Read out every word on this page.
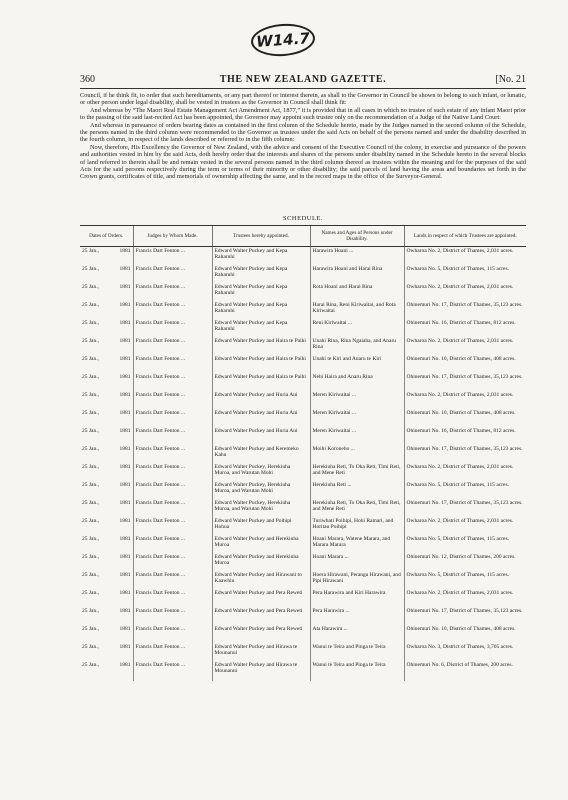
W14.7
360	THE NEW ZEALAND GAZETTE.	[No. 21

Council, if he think fit, to order that such hereditaments, or any part thereof or interest therein, as shall to the Governor in Council be shown to belong to such infant, or lunatic, or other person under legal disability, shall be vested in trustees as the Governor in Council shall think fit:

And whereas by “The Maori Real Estate Management Act Amendment Act, 1877,” it is provided that in all cases in which no trustee of such estate of any infant Maori prior to the passing of the said last-recited Act has been appointed, the Governor may appoint such trustee only on the recommendation of a Judge of the Native Land Court:

And whereas in pursuance of orders bearing dates as contained in the first column of the Schedule hereto, made by the Judges named in the second column of the Schedule, the persons named in the third column were recommended to the Governor as trustees under the said Acts on behalf of the persons named and under the disability described in the fourth column, in respect of the lands described or referred to in the fifth column:

Now, therefore, His Excellency the Governor of New Zealand, with the advice and consent of the Executive Council of the colony, in exercise and pursuance of the powers and authorities vested in him by the said Acts, doth hereby order that the interests and shares of the persons under disability named in the Schedule hereto in the several blocks of land referred to therein shall be and remain vested in the several persons named in the third column thereof as trustees within the meaning and for the purposes of the said Acts for the said persons respectively during the term or terms of their minority or other disability; the said parcels of land having the areas and boundaries set forth in the Crown grants, certificates of title, and memorials of ownership affecting the same, and in the record maps in the office of the Surveyor-General.

SCHEDULE.
Dates of Orders.	Judges by Whom Made.	Trustees hereby appointed.	Names and Ages of Persons under Disability.	Lands in respect of which Trustees are appointed.

25 Jan., 1881	Francis Dart Fenton ...	Edward Walter Puckey and Kepa Raharuhi	Harawira Hoani ...	Owharoa No. 2, District of Thames, 2,031 acres.

25 Jan., 1881	Francis Dart Fenton ...	Edward Walter Puckey and Kepa Raharuhi	Harawira Hoani and Harai Rina	Owharoa No. 5, District of Thames, 115 acres.

25 Jan., 1881	Francis Dart Fenton ...	Edward Walter Puckey and Kepa Raharuhi	Rota Hoani and Harai Rina	Owharoa No. 2, District of Thames, 2,031 acres.

25 Jan., 1881	Francis Dart Fenton ...	Edward Walter Puckey and Kepa Raharuhi	Harai Rina, Reni Kiriwaitai, and Rota Kiriwaitai	Ohinemuri No. 17, District of Thames, 35,123 acres.

25 Jan., 1881	Francis Dart Fenton ...	Edward Walter Puckey and Kepa Raharuhi	Reni Kiriwaitai ...	Ohinemuri No. 16, District of Thames, 812 acres.

25 Jan., 1881	Francis Dart Fenton ...	Edward Walter Puckey and Haira te Paihi	Unahi Rina, Rina Ngaiaha, and Anaru Rina	Owharoa No. 2, District of Thames, 2,031 acres.

25 Jan., 1881	Francis Dart Fenton ...	Edward Walter Puckey and Haira te Paihi	Unahi te Kiri and Anaru te Kiri	Ohinemuri No. 10, District of Thames, 408 acres.

25 Jan., 1881	Francis Dart Fenton ...	Edward Walter Puckey and Haira te Paihi	Nehi Haira and Anaru Rina	Ohinemuri No. 17, District of Thames, 35,123 acres.

25 Jan., 1881	Francis Dart Fenton ...	Edward Walter Puckey and Huria Ani	Meren Kiriwaitai ...	Owharoa No. 2, District of Thames, 2,031 acres.

25 Jan., 1881	Francis Dart Fenton ...	Edward Walter Puckey and Huria Ani	Meren Kiriwaitai ...	Ohinemuri No. 10, District of Thames, 408 acres.

25 Jan., 1881	Francis Dart Fenton ...	Edward Walter Puckey and Huria Ani	Meren Kiriwaitai ...	Ohinemuri No. 16, District of Thames, 812 acres.

25 Jan., 1881	Francis Dart Fenton ...	Edward Walter Puckey and Keremeko Kahu	Moihi Koroneho ...	Ohinemuri No. 17, District of Thames, 35,123 acres.

25 Jan., 1881	Francis Dart Fenton ...	Edward Walter Puckey, Herekiuha Muroa, and Warutan Mohi	Herekiuha Reti, To Oka Reti, Timi Reti, and Mene Reti	Owharoa No. 2, District of Thames, 2,031 acres.

25 Jan., 1881	Francis Dart Fenton ...	Edward Walter Puckey, Herekiuha Muroa, and Warutan Mohi	Herekiuha Reti ...	Owharoa No. 5, District of Thames, 115 acres.

25 Jan., 1881	Francis Dart Fenton ...	Edward Walter Puckey, Herekiuha Muroa, and Warutan Mohi	Herekiuha Reti, To Oka Reti, Timi Reti, and Mene Reti	Ohinemuri No. 17, District of Thames, 35,123 acres.

25 Jan., 1881	Francis Dart Fenton ...	Edward Walter Puckey and Poihipi Hohua	Turiwhati Poihipi, Hohi Ramari, and Horitau Poihipi	Owharoa No. 2, District of Thames, 2,031 acres.

25 Jan., 1881	Francis Dart Fenton ...	Edward Walter Puckey and Herekiuha Muroa	Hoani Marara, Watene Marara, and Marara Marara	Owharoa No. 5, District of Thames, 115 acres.

25 Jan., 1881	Francis Dart Fenton ...	Edward Walter Puckey and Herekiuha Muroa	Hoani Marara ...	Ohinemuri No. 12, District of Thames, 200 acres.

25 Jan., 1881	Francis Dart Fenton ...	Edward Walter Puckey and Hirawani to Kaawhiu	Hoera Hirawani, Peranga Hirawani, and Pipi Hirawani	Owharoa No. 5, District of Thames, 115 acres.

25 Jan., 1881	Francis Dart Fenton ...	Edward Walter Puckey and Pera Reweti	Pera Harawira and Kiri Harawira	Owharoa No. 2, District of Thames, 2,031 acres.

25 Jan., 1881	Francis Dart Fenton ...	Edward Walter Puckey and Pera Reweti	Pera Harawira ...	Ohinemuri No. 17, District of Thames, 35,123 acres.

25 Jan., 1881	Francis Dart Fenton ...	Edward Walter Puckey and Pera Reweti	Ata Harawira ...	Ohinemuri No. 10, District of Thames, 408 acres.

25 Jan., 1881	Francis Dart Fenton ...	Edward Walter Puckey and Hirawa te Mounanui	Wanui te Teira and Pinga te Teira	Owharoa No. 3, District of Thames, 3,705 acres.

25 Jan., 1881	Francis Dart Fenton ...	Edward Walter Puckey and Hirawa te Mounanui	Wanui te Teira and Pinga te Teira	Ohinemuri No. 6, District of Thames, 200 acres.
